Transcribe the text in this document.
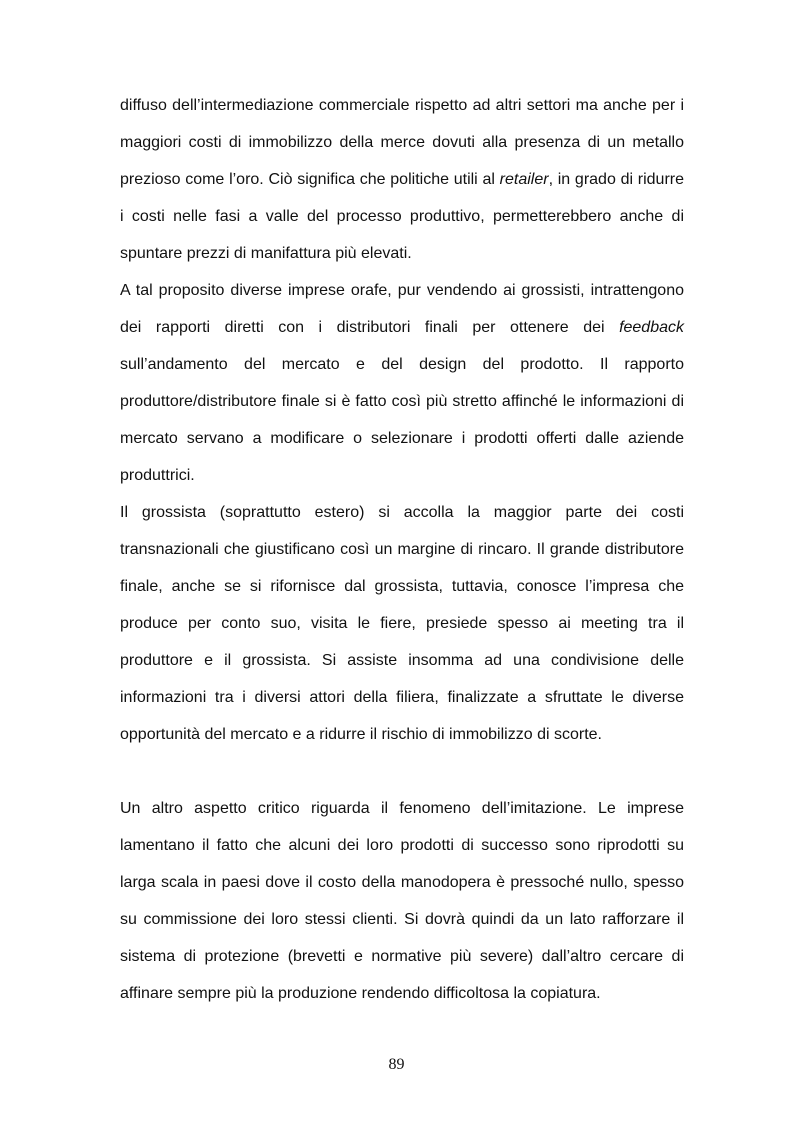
diffuso dell’intermediazione commerciale rispetto ad altri settori ma anche per i maggiori costi di immobilizzo della merce dovuti alla presenza di un metallo prezioso come l’oro. Ciò significa che politiche utili al retailer, in grado di ridurre i costi nelle fasi a valle del processo produttivo, permetterebbero anche di spuntare prezzi di manifattura più elevati.

A tal proposito diverse imprese orafe, pur vendendo ai grossisti, intrattengono dei rapporti diretti con i distributori finali per ottenere dei feedback sull’andamento del mercato e del design del prodotto. Il rapporto produttore/distributore finale si è fatto così più stretto affinché le informazioni di mercato servano a modificare o selezionare i prodotti offerti dalle aziende produttrici.

Il grossista (soprattutto estero) si accolla la maggior parte dei costi transnazionali che giustificano così un margine di rincaro. Il grande distributore finale, anche se si rifornisce dal grossista, tuttavia, conosce l’impresa che produce per conto suo, visita le fiere, presiede spesso ai meeting tra il produttore e il grossista. Si assiste insomma ad una condivisione delle informazioni tra i diversi attori della filiera, finalizzate a sfruttate le diverse opportunità del mercato e a ridurre il rischio di immobilizzo di scorte.

Un altro aspetto critico riguarda il fenomeno dell’imitazione. Le imprese lamentano il fatto che alcuni dei loro prodotti di successo sono riprodotti su larga scala in paesi dove il costo della manodopera è pressoché nullo, spesso su commissione dei loro stessi clienti. Si dovrà quindi da un lato rafforzare il sistema di protezione (brevetti e normative più severe) dall’altro cercare di affinare sempre più la produzione rendendo difficoltosa la copiatura.

89
